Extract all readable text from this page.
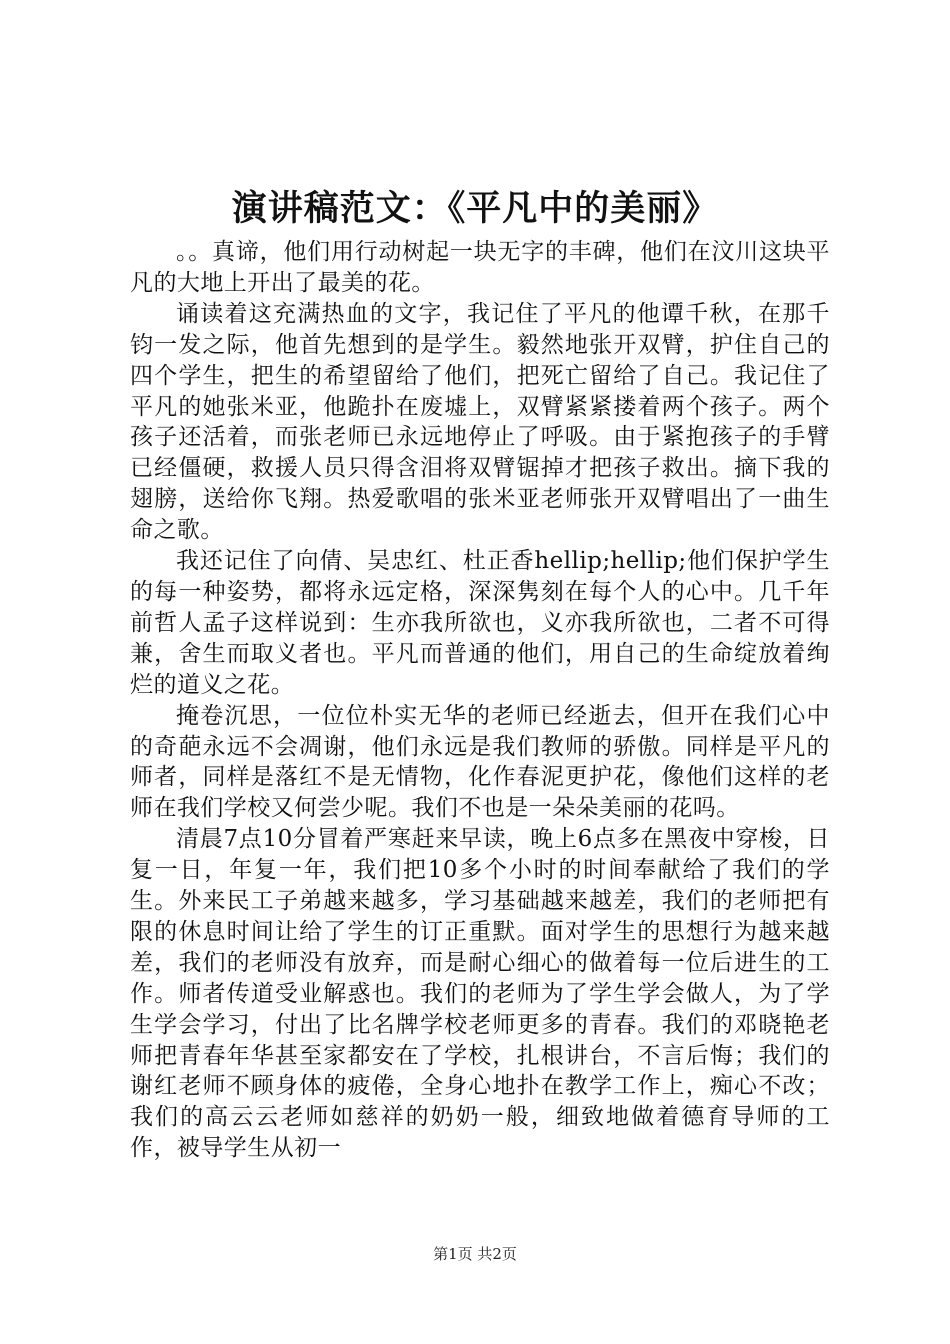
演讲稿范文：《平凡中的美丽》

。。真谛，他们用行动树起一块无字的丰碑，他们在汶川这块平凡的大地上开出了最美的花。

诵读着这充满热血的文字，我记住了平凡的他谭千秋，在那千钧一发之际，他首先想到的是学生。毅然地张开双臂，护住自己的四个学生，把生的希望留给了他们，把死亡留给了自己。我记住了平凡的她张米亚，他跪扑在废墟上，双臂紧紧搂着两个孩子。两个孩子还活着，而张老师已永远地停止了呼吸。由于紧抱孩子的手臂已经僵硬，救援人员只得含泪将双臂锯掉才把孩子救出。摘下我的翅膀，送给你飞翔。热爱歌唱的张米亚老师张开双臂唱出了一曲生命之歌。

我还记住了向倩、吴忠红、杜正香hellip;hellip;他们保护学生的每一种姿势，都将永远定格，深深隽刻在每个人的心中。几千年前哲人孟子这样说到：生亦我所欲也，义亦我所欲也，二者不可得兼，舍生而取义者也。平凡而普通的他们，用自己的生命绽放着绚烂的道义之花。

掩卷沉思，一位位朴实无华的老师已经逝去，但开在我们心中的奇葩永远不会凋谢，他们永远是我们教师的骄傲。同样是平凡的师者，同样是落红不是无情物，化作春泥更护花，像他们这样的老师在我们学校又何尝少呢。我们不也是一朵朵美丽的花吗。

清晨7点10分冒着严寒赶来早读，晚上6点多在黑夜中穿梭，日复一日，年复一年，我们把10多个小时的时间奉献给了我们的学生。外来民工子弟越来越多，学习基础越来越差，我们的老师把有限的休息时间让给了学生的订正重默。面对学生的思想行为越来越差，我们的老师没有放弃，而是耐心细心的做着每一位后进生的工作。师者传道受业解惑也。我们的老师为了学生学会做人，为了学生学会学习，付出了比名牌学校老师更多的青春。我们的邓晓艳老师把青春年华甚至家都安在了学校，扎根讲台，不言后悔；我们的谢红老师不顾身体的疲倦，全身心地扑在教学工作上，痴心不改；我们的高云云老师如慈祥的奶奶一般，细致地做着德育导师的工作，被导学生从初一

第1页 共2页
